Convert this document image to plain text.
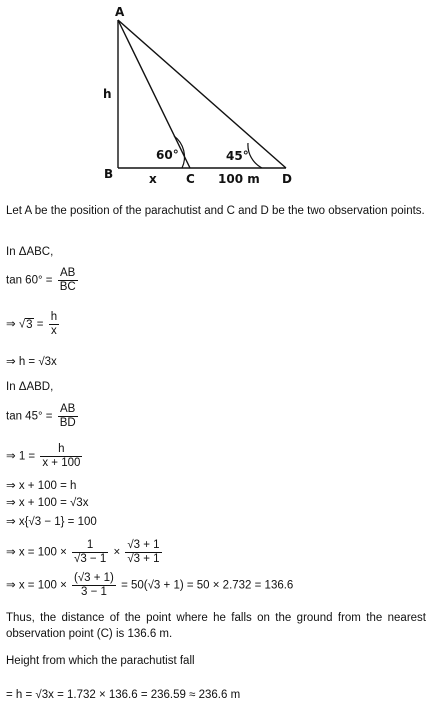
A
h
B	x C 100 m D
60°	45°
Let A be the position of the parachutist and C and D be the two observation points.
In ΔABC,
$\tan 60^\circ = \frac{AB}{BC}$
⇒ $√3 = \frac{h}{x}$
⇒ h = √3x
In ΔABD,
$\tan 45^\circ = \frac{AB}{BD}$
⇒ $1 = \frac{h}{x + 100}$
⇒ x + 100 = h
⇒ x + 100 = √3x
⇒ x{√3 − 1} = 100
⇒ $x = 100 \times \frac{1}{√3 - 1} \times \frac{√3 + 1}{√3 + 1}$
⇒ $x = 100 \times \frac{(√3 + 1)}{3 - 1} = 50(√3 + 1) = 50 \times 2.732 = 136.6$
Thus, the distance of the point where he falls on the ground from the nearest observation point (C) is 136.6 m.
Height from which the parachutist fall
= h = √3x = 1.732 × 136.6 = 236.59 ≈ 236.6 m
